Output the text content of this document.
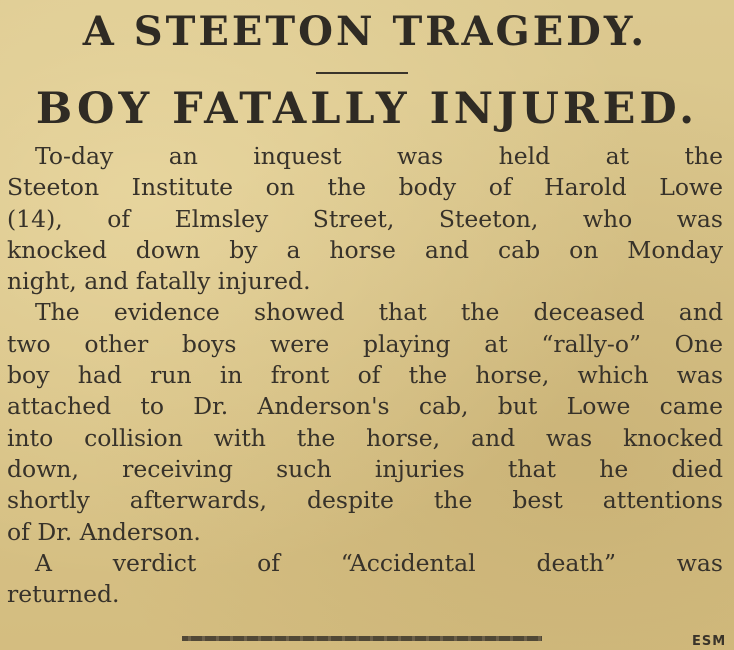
A STEETON TRAGEDY.
BOY FATALLY INJURED.
To-day an inquest was held at the
Steeton Institute on the body of Harold Lowe
(14), of Elmsley Street, Steeton, who was
knocked down by a horse and cab on Monday
night, and fatally injured.
The evidence showed that the deceased and
two other boys were playing at “rally-o” One
boy had run in front of the horse, which was
attached to Dr. Anderson's cab, but Lowe came
into collision with the horse, and was knocked
down, receiving such injuries that he died
shortly afterwards, despite the best attentions
of Dr. Anderson.
A verdict of “Accidental death” was
returned.
ESM
